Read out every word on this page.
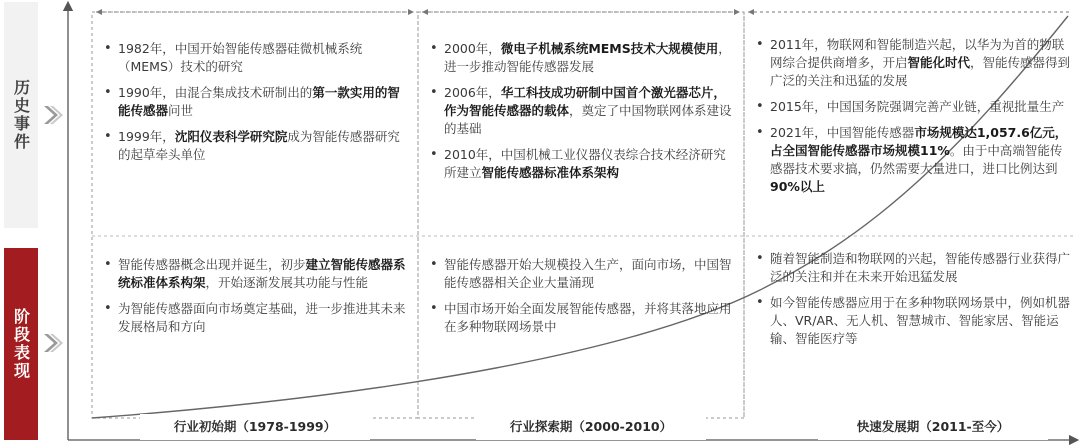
历史事件
阶段表现
• 1982年，中国开始智能传感器硅微机械系统（MEMS）技术的研究
• 1990年，由混合集成技术研制出的第一款实用的智能传感器问世
• 1999年，沈阳仪表科学研究院成为智能传感器研究的起草牵头单位
• 智能传感器概念出现并诞生，初步建立智能传感器系统标准体系构架，开始逐渐发展其功能与性能
• 为智能传感器面向市场奠定基础，进一步推进其未来发展格局和方向
• 2000年，微电子机械系统MEMS技术大规模使用，进一步推动智能传感器发展
• 2006年，华工科技成功研制中国首个激光器芯片，作为智能传感器的载体，奠定了中国物联网体系建设的基础
• 2010年，中国机械工业仪器仪表综合技术经济研究所建立智能传感器标准体系架构
• 智能传感器开始大规模投入生产，面向市场，中国智能传感器相关企业大量涌现
• 中国市场开始全面发展智能传感器，并将其落地应用在多种物联网场景中
• 2011年，物联网和智能制造兴起，以华为为首的物联网综合提供商增多，开启智能化时代，智能传感器得到广泛的关注和迅猛的发展
• 2015年，中国国务院强调完善产业链，重视批量生产
• 2021年，中国智能传感器市场规模达1,057.6亿元，占全国智能传感器市场规模11%。由于中高端智能传感器技术要求搞，仍然需要大量进口，进口比例达到90%以上
• 随着智能制造和物联网的兴起，智能传感器行业获得广泛的关注和并在未来开始迅猛发展
• 如今智能传感器应用于在多种物联网场景中，例如机器人、VR/AR、无人机、智慧城市、智能家居、智能运输、智能医疗等
行业初始期（1978-1999）	行业探索期（2000-2010）	快速发展期（2011-至今）
